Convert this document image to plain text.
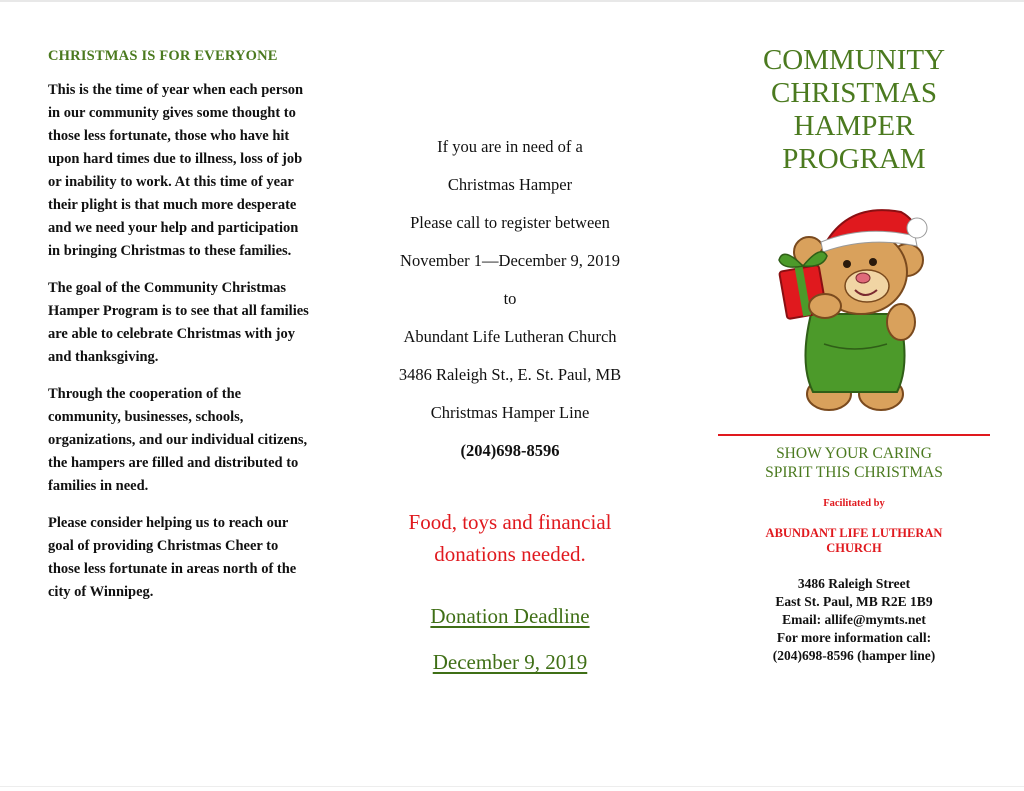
CHRISTMAS IS FOR EVERYONE

This is the time of year when each person in our community gives some thought to those less fortunate, those who have hit upon hard times due to illness, loss of job or inability to work. At this time of year their plight is that much more desperate and we need your help and participation in bringing Christmas to these families.

The goal of the Community Christmas Hamper Program is to see that all families are able to celebrate Christmas with joy and thanksgiving.

Through the cooperation of the community, businesses, schools, organizations, and our individual citizens, the hampers are filled and distributed to families in need.

Please consider helping us to reach our goal of providing Christmas Cheer to those less fortunate in areas north of the city of Winnipeg.

If you are in need of a
Christmas Hamper
Please call to register between
November 1—December 9, 2019
to
Abundant Life Lutheran Church
3486 Raleigh St., E. St. Paul, MB
Christmas Hamper Line
(204)698-8596
Food, toys and financial
donations needed.
Donation Deadline
December 9, 2019
COMMUNITY
CHRISTMAS
HAMPER
PROGRAM
SHOW YOUR CARING
SPIRIT THIS CHRISTMAS
Facilitated by
ABUNDANT LIFE LUTHERAN
CHURCH
3486 Raleigh Street
East St. Paul, MB R2E 1B9
Email: allife@mymts.net
For more information call:
(204)698-8596 (hamper line)
